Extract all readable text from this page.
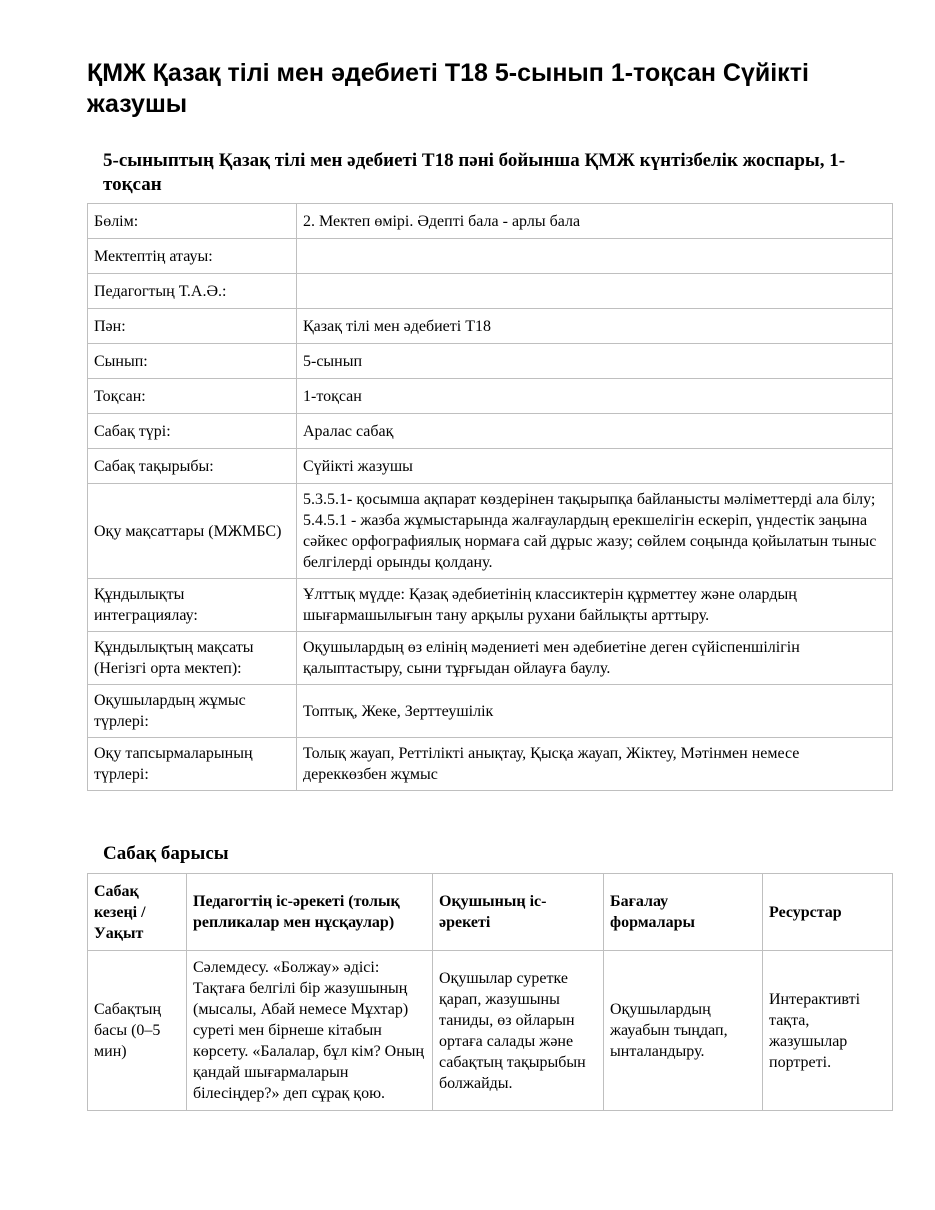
ҚМЖ Қазақ тілі мен әдебиеті Т18 5-сынып 1-тоқсан Сүйікті жазушы
5-сыныптың Қазақ тілі мен әдебиеті Т18 пәні бойынша ҚМЖ күнтізбелік жоспары, 1-тоқсан
Бөлім:	2. Мектеп өмірі. Әдепті бала - арлы бала
Мектептің атауы:	
Педагогтың Т.А.Ә.:	
Пән:	Қазақ тілі мен әдебиеті Т18
Сынып:	5-сынып
Тоқсан:	1-тоқсан
Сабақ түрі:	Аралас сабақ
Сабақ тақырыбы:	Сүйікті жазушы
Оқу мақсаттары (МЖМБС)	5.3.5.1- қосымша ақпарат көздерінен тақырыпқа байланысты мәліметтерді ала білу; 5.4.5.1 - жазба жұмыстарында жалғаулардың ерекшелігін ескеріп, үндестік заңына сәйкес орфографиялық нормаға сай дұрыс жазу; сөйлем соңында қойылатын тыныс белгілерді орынды қолдану.
Құндылықты интеграциялау:	Ұлттық мүдде: Қазақ әдебиетінің классиктерін құрметтеу және олардың шығармашылығын тану арқылы рухани байлықты арттыру.
Құндылықтың мақсаты (Негізгі орта мектеп):	Оқушылардың өз елінің мәдениеті мен әдебиетіне деген сүйіспеншілігін қалыптастыру, сыни тұрғыдан ойлауға баулу.
Оқушылардың жұмыс түрлері:	Топтық, Жеке, Зерттеушілік
Оқу тапсырмаларының түрлері:	Толық жауап, Реттілікті анықтау, Қысқа жауап, Жіктеу, Мәтінмен немесе дереккөзбен жұмыс
Сабақ барысы
Сабақ кезеңі / Уақыт	Педагогтің іс-әрекеті (толық репликалар мен нұсқаулар)	Оқушының іс-әрекеті	Бағалау формалары	Ресурстар
Сабақтың басы (0–5 мин)	Сәлемдесу. «Болжау» әдісі: Тақтаға белгілі бір жазушының (мысалы, Абай немесе Мұхтар) суреті мен бірнеше кітабын көрсету. «Балалар, бұл кім? Оның қандай шығармаларын білесіңдер?» деп сұрақ қою.	Оқушылар суретке қарап, жазушыны таниды, өз ойларын ортаға салады және сабақтың тақырыбын болжайды.	Оқушылардың жауабын тыңдап, ынталандыру.	Интерактивті тақта, жазушылар портреті.
